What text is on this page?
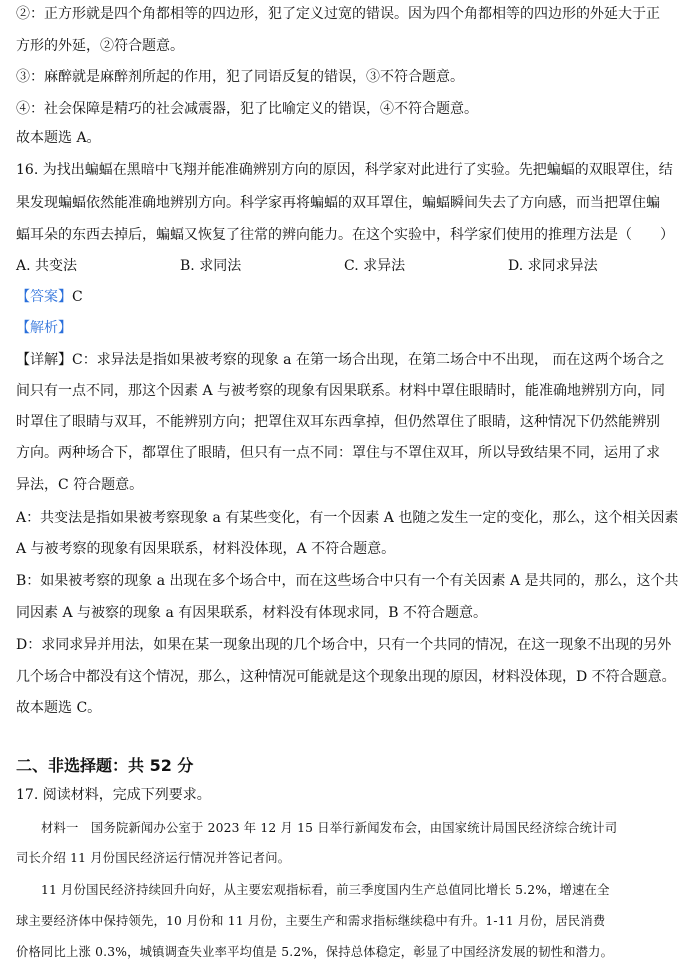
②：正方形就是四个角都相等的四边形，犯了定义过宽的错误。因为四个角都相等的四边形的外延大于正
方形的外延，②符合题意。
③：麻醉就是麻醉剂所起的作用，犯了同语反复的错误，③不符合题意。
④：社会保障是精巧的社会减震器，犯了比喻定义的错误，④不符合题意。
故本题选 A。
16. 为找出蝙蝠在黑暗中飞翔并能准确辨别方向的原因，科学家对此进行了实验。先把蝙蝠的双眼罩住，结
果发现蝙蝠依然能准确地辨别方向。科学家再将蝙蝠的双耳罩住，蝙蝠瞬间失去了方向感，而当把罩住蝙
蝠耳朵的东西去掉后，蝙蝠又恢复了往常的辨向能力。在这个实验中，科学家们使用的推理方法是（　　）
A. 共变法	B. 求同法	C. 求异法	D. 求同求异法
【答案】C
【解析】
【详解】C：求异法是指如果被考察的现象 a 在第一场合出现，在第二场合中不出现， 而在这两个场合之
间只有一点不同，那这个因素 A 与被考察的现象有因果联系。材料中罩住眼睛时，能准确地辨别方向，同
时罩住了眼睛与双耳，不能辨别方向；把罩住双耳东西拿掉，但仍然罩住了眼睛，这种情况下仍然能辨别
方向。两种场合下，都罩住了眼睛，但只有一点不同：罩住与不罩住双耳，所以导致结果不同，运用了求
异法，C 符合题意。
A：共变法是指如果被考察现象 a 有某些变化，有一个因素 A 也随之发生一定的变化，那么，这个相关因素
A 与被考察的现象有因果联系，材料没体现，A 不符合题意。
B：如果被考察的现象 a 出现在多个场合中，而在这些场合中只有一个有关因素 A 是共同的，那么，这个共
同因素 A 与被察的现象 a 有因果联系，材料没有体现求同，B 不符合题意。
D：求同求异并用法，如果在某一现象出现的几个场合中，只有一个共同的情况，在这一现象不出现的另外
几个场合中都没有这个情况，那么，这种情况可能就是这个现象出现的原因，材料没体现，D 不符合题意。
故本题选 C。
二、非选择题：共 52 分
17. 阅读材料，完成下列要求。
　　材料一　国务院新闻办公室于 2023 年 12 月 15 日举行新闻发布会，由国家统计局国民经济综合统计司
司长介绍 11 月份国民经济运行情况并答记者问。
　　11 月份国民经济持续回升向好，从主要宏观指标看，前三季度国内生产总值同比增长 5.2%，增速在全
球主要经济体中保持领先，10 月份和 11 月份，主要生产和需求指标继续稳中有升。1-11 月份，居民消费
价格同比上涨 0.3%，城镇调查失业率平均值是 5.2%，保持总体稳定，彰显了中国经济发展的韧性和潜力。
